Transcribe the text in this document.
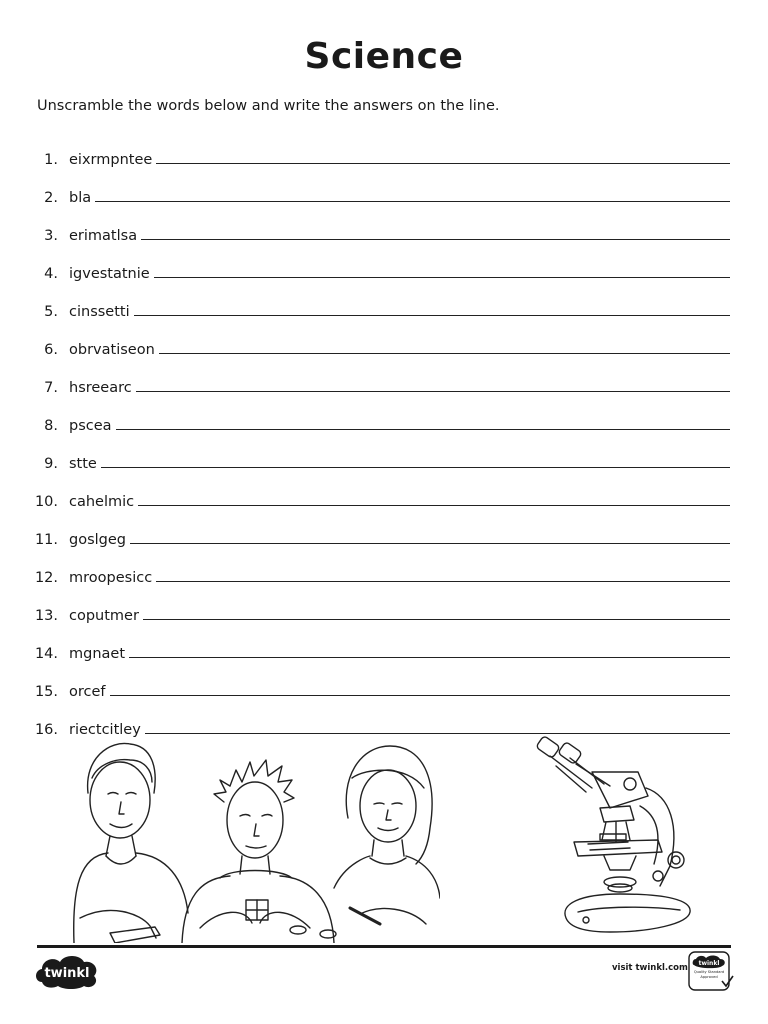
Science
Unscramble the words below and write the answers on the line.
1. eixrmpntee
2. bla
3. erimatlsa
4. igvestatnie
5. cinssetti
6. obrvatiseon
7. hsreearc
8. pscea
9. stte
10. cahelmic
11. goslgeg
12. mroopesicc
13. coputmer
14. mgnaet
15. orcef
16. riectcitley
twinkl	visit twinkl.com twinkl
Quality Standard Approved
